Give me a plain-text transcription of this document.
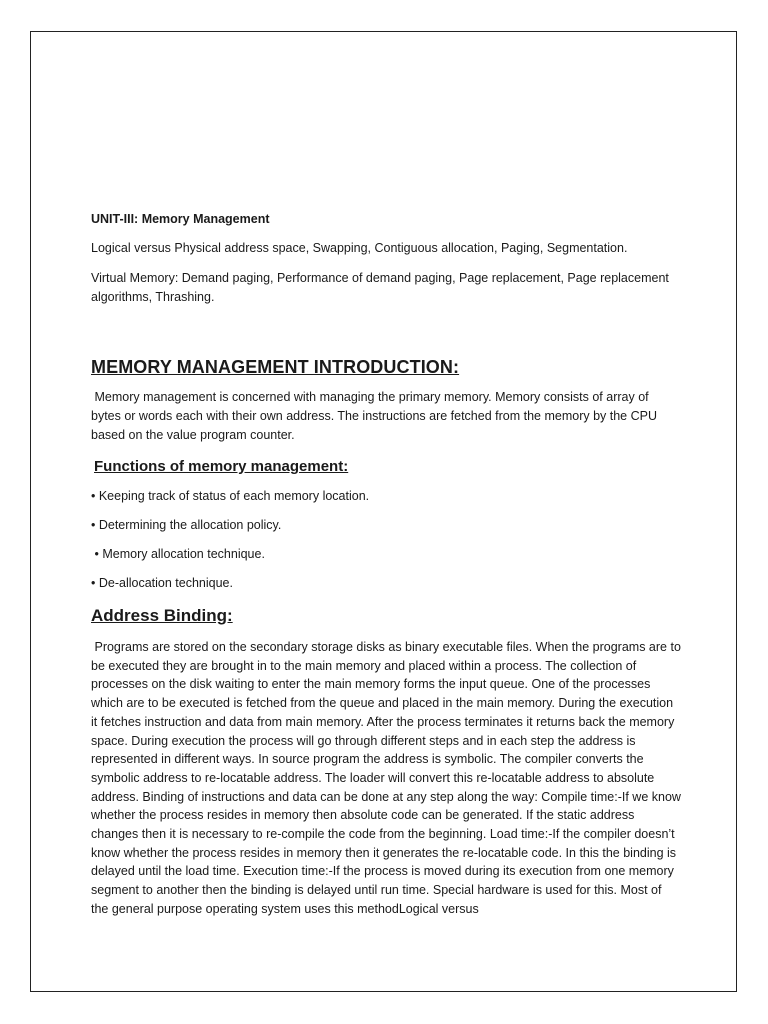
UNIT-III: Memory Management

Logical versus Physical address space, Swapping, Contiguous allocation, Paging, Segmentation.

Virtual Memory: Demand paging, Performance of demand paging, Page replacement, Page replacement algorithms, Thrashing.

MEMORY MANAGEMENT INTRODUCTION:

Memory management is concerned with managing the primary memory. Memory consists of array of bytes or words each with their own address. The instructions are fetched from the memory by the CPU based on the value program counter.

Functions of memory management:

• Keeping track of status of each memory location.

• Determining the allocation policy.

• Memory allocation technique.

• De-allocation technique.

Address Binding:

Programs are stored on the secondary storage disks as binary executable files. When the programs are to be executed they are brought in to the main memory and placed within a process. The collection of processes on the disk waiting to enter the main memory forms the input queue. One of the processes which are to be executed is fetched from the queue and placed in the main memory. During the execution it fetches instruction and data from main memory. After the process terminates it returns back the memory space. During execution the process will go through different steps and in each step the address is represented in different ways. In source program the address is symbolic. The compiler converts the symbolic address to re-locatable address. The loader will convert this re-locatable address to absolute address. Binding of instructions and data can be done at any step along the way: Compile time:-If we know whether the process resides in memory then absolute code can be generated. If the static address changes then it is necessary to re-compile the code from the beginning. Load time:-If the compiler doesn’t know whether the process resides in memory then it generates the re-locatable code. In this the binding is delayed until the load time. Execution time:-If the process is moved during its execution from one memory segment to another then the binding is delayed until run time. Special hardware is used for this. Most of the general purpose operating system uses this methodLogical versus
